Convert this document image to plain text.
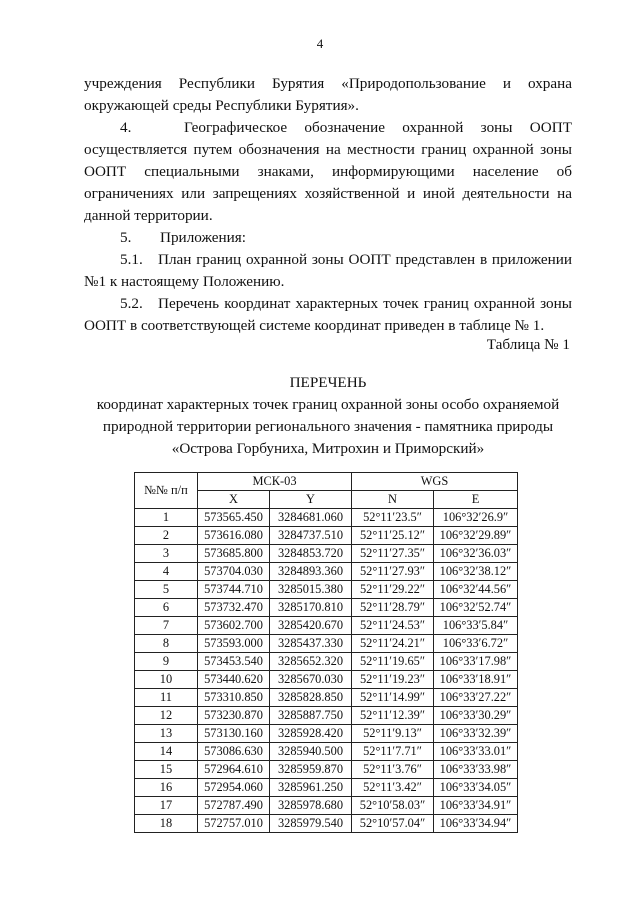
4

учреждения Республики Бурятия «Природопользование и охрана окружающей среды Республики Бурятия».

4.	Географическое обозначение охранной зоны ООПТ осуществляется путем обозначения на местности границ охранной зоны ООПТ специальными знаками, информирующими население об ограничениях или запрещениях хозяйственной и иной деятельности на данной территории.

5. Приложения:

5.1. План границ охранной зоны ООПТ представлен в приложении №1 к настоящему Положению.

5.2. Перечень координат характерных точек границ охранной зоны ООПТ в соответствующей системе координат приведен в таблице № 1.

Таблица № 1
ПЕРЕЧЕНЬ
координат характерных точек границ охранной зоны особо охраняемой
природной территории регионального значения - памятника природы
«Острова Горбуниха, Митрохин и Приморский»
№№ п/п	МСК-03		WGS	
	X	Y	N	E
1	573565.450	3284681.060	52°11′23.5″	106°32′26.9″
2	573616.080	3284737.510	52°11′25.12″	106°32′29.89″
3	573685.800	3284853.720	52°11′27.35″	106°32′36.03″
4	573704.030	3284893.360	52°11′27.93″	106°32′38.12″
5	573744.710	3285015.380	52°11′29.22″	106°32′44.56″
6	573732.470	3285170.810	52°11′28.79″	106°32′52.74″
7	573602.700	3285420.670	52°11′24.53″	106°33′5.84″
8	573593.000	3285437.330	52°11′24.21″	106°33′6.72″
9	573453.540	3285652.320	52°11′19.65″	106°33′17.98″
10	573440.620	3285670.030	52°11′19.23″	106°33′18.91″
11	573310.850	3285828.850	52°11′14.99″	106°33′27.22″
12	573230.870	3285887.750	52°11′12.39″	106°33′30.29″
13	573130.160	3285928.420	52°11′9.13″	106°33′32.39″
14	573086.630	3285940.500	52°11′7.71″	106°33′33.01″
15	572964.610	3285959.870	52°11′3.76″	106°33′33.98″
16	572954.060	3285961.250	52°11′3.42″	106°33′34.05″
17	572787.490	3285978.680	52°10′58.03″	106°33′34.91″
18	572757.010	3285979.540	52°10′57.04″	106°33′34.94″
